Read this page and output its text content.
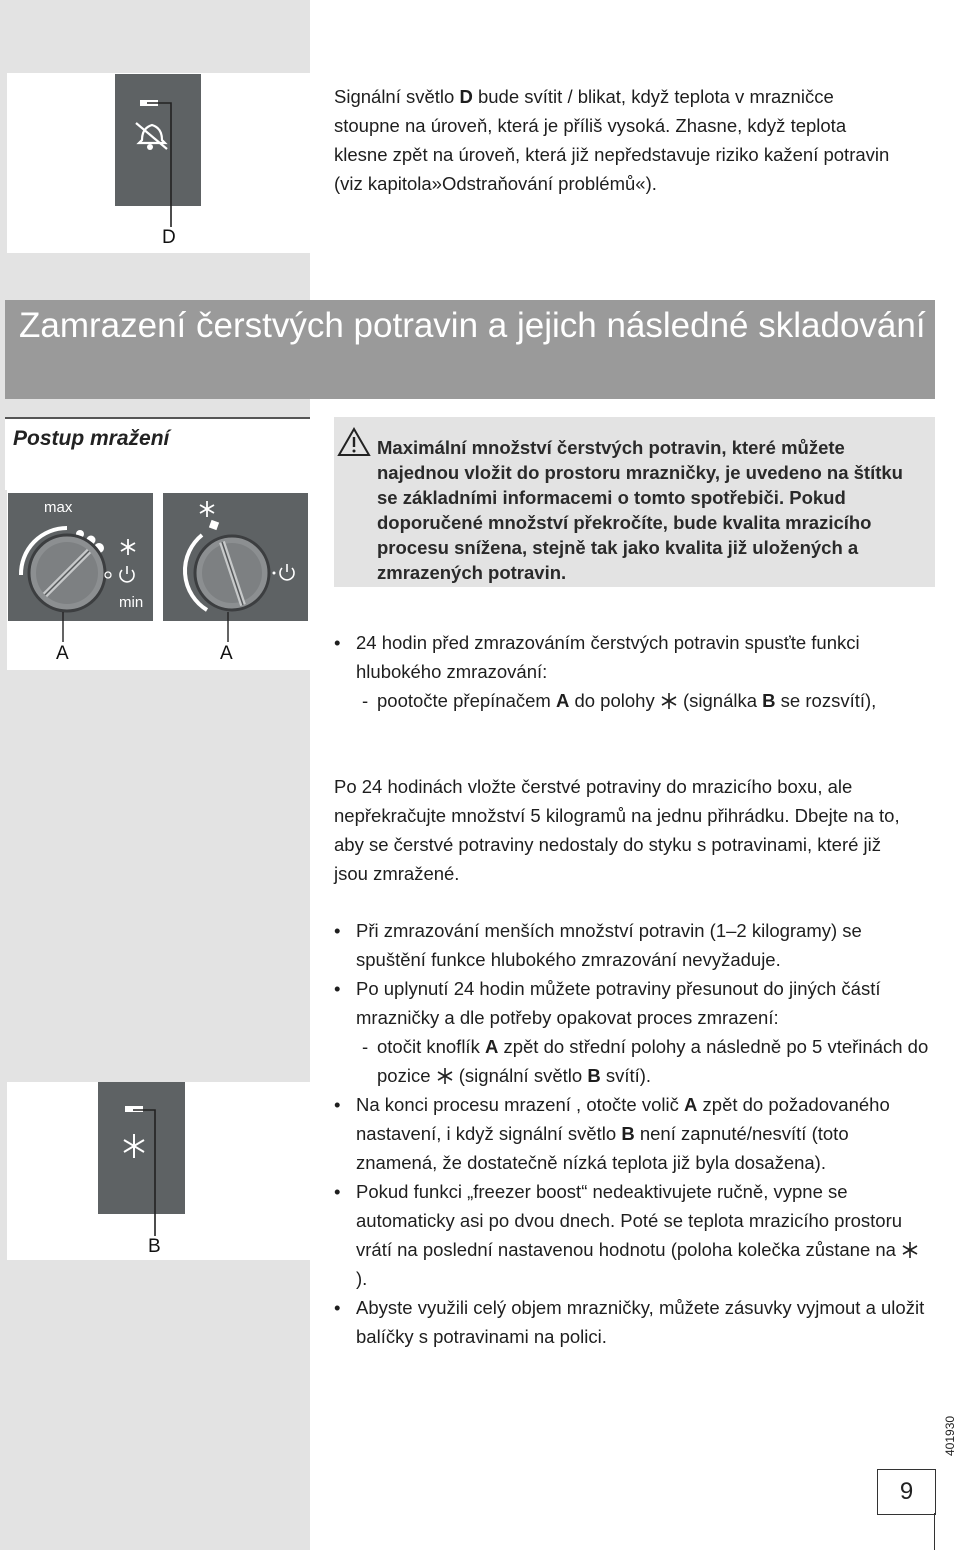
D
Signální světlo D bude svítit / blikat, když teplota v mrazničce stoupne na úroveň, která je příliš vysoká. Zhasne, když teplota klesne zpět na úroveň, která již nepředstavuje riziko kažení potravin (viz kapitola»Odstraňování problémů«).
Zamrazení čerstvých potravin a jejich následné skladování
Postup mražení	Maximální množství čerstvých potravin, které můžete najednou vložit do prostoru mrazničky, je uvedeno na štítku se základními informacemi o tomto spotřebiči. Pokud doporučené množství překročíte, bude kvalita mrazicího procesu snížena, stejně tak jako kvalita již uložených a zmrazených potravin.
max
min
A	A
• 24 hodin před zmrazováním čerstvých potravin spusťte funkci hlubokého zmrazování:
- pootočte přepínačem A do polohy  (signálka B se rozsvítí),
Po 24 hodinách vložte čerstvé potraviny do mrazicího boxu, ale nepřekračujte množství 5 kilogramů na jednu přihrádku. Dbejte na to, aby se čerstvé potraviny nedostaly do styku s potravinami, které již jsou zmražené.
• Při zmrazování menších množství potravin (1–2 kilogramy) se spuštění funkce hlubokého zmrazování nevyžaduje.
• Po uplynutí 24 hodin můžete potraviny přesunout do jiných částí mrazničky a dle potřeby opakovat proces zmrazení:
- otočit knoflík A zpět do střední polohy a následně po 5 vteřinách do pozice  (signální světlo B svítí).
• Na konci procesu mrazení , otočte volič A zpět do požadovaného nastavení, i když signální světlo B není zapnuté/nesvítí (toto znamená, že dostatečně nízká teplota již byla dosažena).
• Pokud funkci „freezer boost“ nedeaktivujete ručně, vypne se automaticky asi po dvou dnech. Poté se teplota mrazicího prostoru vrátí na poslední nastavenou hodnotu (poloha kolečka zůstane na  ).
• Abyste využili celý objem mrazničky, můžete zásuvky vyjmout a uložit balíčky s potravinami na polici.
B
401930
9
